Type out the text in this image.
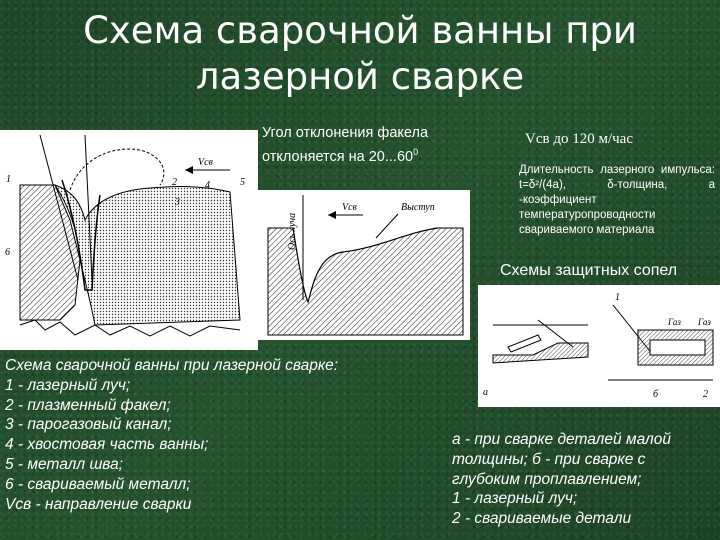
Схема сварочной ванны при
лазерной сварке
Vсв
1	2
3
4	5
6
Ось луча
Vсв	Выступ
Угол отклонения факела отклоняется на 20...60$^0$
Vсв до 120 м/час
Длительность лазерного импульса: t=δ²/(4a), δ-толщина, a -коэффициент температуропроводности свариваемого материала
Схемы защитных сопел
а
1
Газ Газ
б	2
Схема сварочной ванны при лазерной сварке:
1 - лазерный луч;
2 - плазменный факел;
3 - парогазовый канал;
4 - хвостовая часть ванны;
5 - металл шва;
6 - свариваемый металл;
Vсв - направление сварки
а - при сварке деталей малой
толщины; б - при сварке с
глубоким проплавлением;
1 - лазерный луч;
2 - свариваемые детали
